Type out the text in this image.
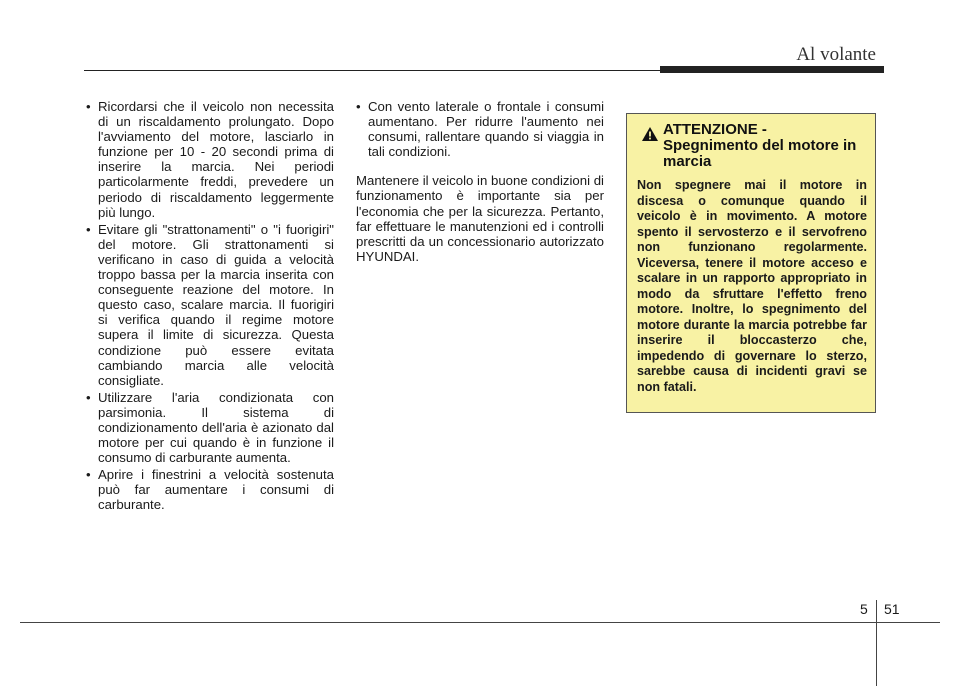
Al volante
• Ricordarsi che il veicolo non necessita di un riscaldamento prolungato. Dopo l'avviamento del motore, lasciarlo in funzione per 10 - 20 secondi prima di inserire la marcia. Nei periodi particolarmente freddi, prevedere un periodo di riscaldamento leggermente più lungo.
• Evitare gli "strattonamenti" o "i fuorigiri" del motore. Gli strattonamenti si verificano in caso di guida a velocità troppo bassa per la marcia inserita con conseguente reazione del motore. In questo caso, scalare marcia. Il fuorigiri si verifica quando il regime motore supera il limite di sicurezza. Questa condizione può essere evitata cambiando marcia alle velocità consigliate.
• Utilizzare l'aria condizionata con parsimonia. Il sistema di condizionamento dell'aria è azionato dal motore per cui quando è in funzione il consumo di carburante aumenta.
• Aprire i finestrini a velocità sostenuta può far aumentare i consumi di carburante.
• Con vento laterale o frontale i consumi aumentano. Per ridurre l'aumento nei consumi, rallentare quando si viaggia in tali condizioni.

Mantenere il veicolo in buone condizioni di funzionamento è importante sia per l'economia che per la sicurezza. Pertanto, far effettuare le manutenzioni ed i controlli prescritti da un concessionario autorizzato HYUNDAI.

ATTENZIONE -
Spegnimento del motore in marcia
Non spegnere mai il motore in discesa o comunque quando il veicolo è in movimento. A motore spento il servosterzo e il servofreno non funzionano regolarmente. Viceversa, tenere il motore acceso e scalare in un rapporto appropriato in modo da sfruttare l'effetto freno motore. Inoltre, lo spegnimento del motore durante la marcia potrebbe far inserire il bloccasterzo che, impedendo di governare lo sterzo, sarebbe causa di incidenti gravi se non fatali.
5 51
